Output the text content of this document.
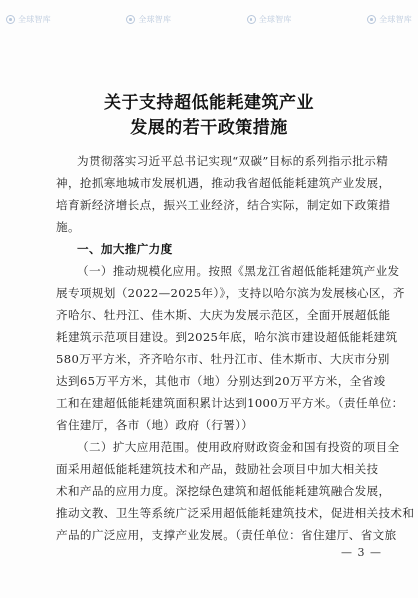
全球智库	全球智库	全球智库	全球智库
关于支持超低能耗建筑产业
发展的若干政策措施
为贯彻落实习近平总书记实现“双碳”目标的系列指示批示精
神，抢抓寒地城市发展机遇，推动我省超低能耗建筑产业发展，
培育新经济增长点，振兴工业经济，结合实际，制定如下政策措
施。
一、加大推广力度
（一）推动规模化应用。按照《黑龙江省超低能耗建筑产业发
展专项规划（2022—2025年）》，支持以哈尔滨为发展核心区，齐
齐哈尔、牡丹江、佳木斯、大庆为发展示范区，全面开展超低能
耗建筑示范项目建设。到2025年底，哈尔滨市建设超低能耗建筑
580万平方米，齐齐哈尔市、牡丹江市、佳木斯市、大庆市分别
达到65万平方米，其他市（地）分别达到20万平方米，全省竣
工和在建超低能耗建筑面积累计达到1000万平方米。（责任单位：
省住建厅，各市（地）政府（行署））
（二）扩大应用范围。使用政府财政资金和国有投资的项目全
面采用超低能耗建筑技术和产品，鼓励社会项目中加大相关技
术和产品的应用力度。深挖绿色建筑和超低能耗建筑融合发展，
推动文教、卫生等系统广泛采用超低能耗建筑技术，促进相关技术和
产品的广泛应用，支撑产业发展。（责任单位：省住建厅、省文旅
— 3 —
